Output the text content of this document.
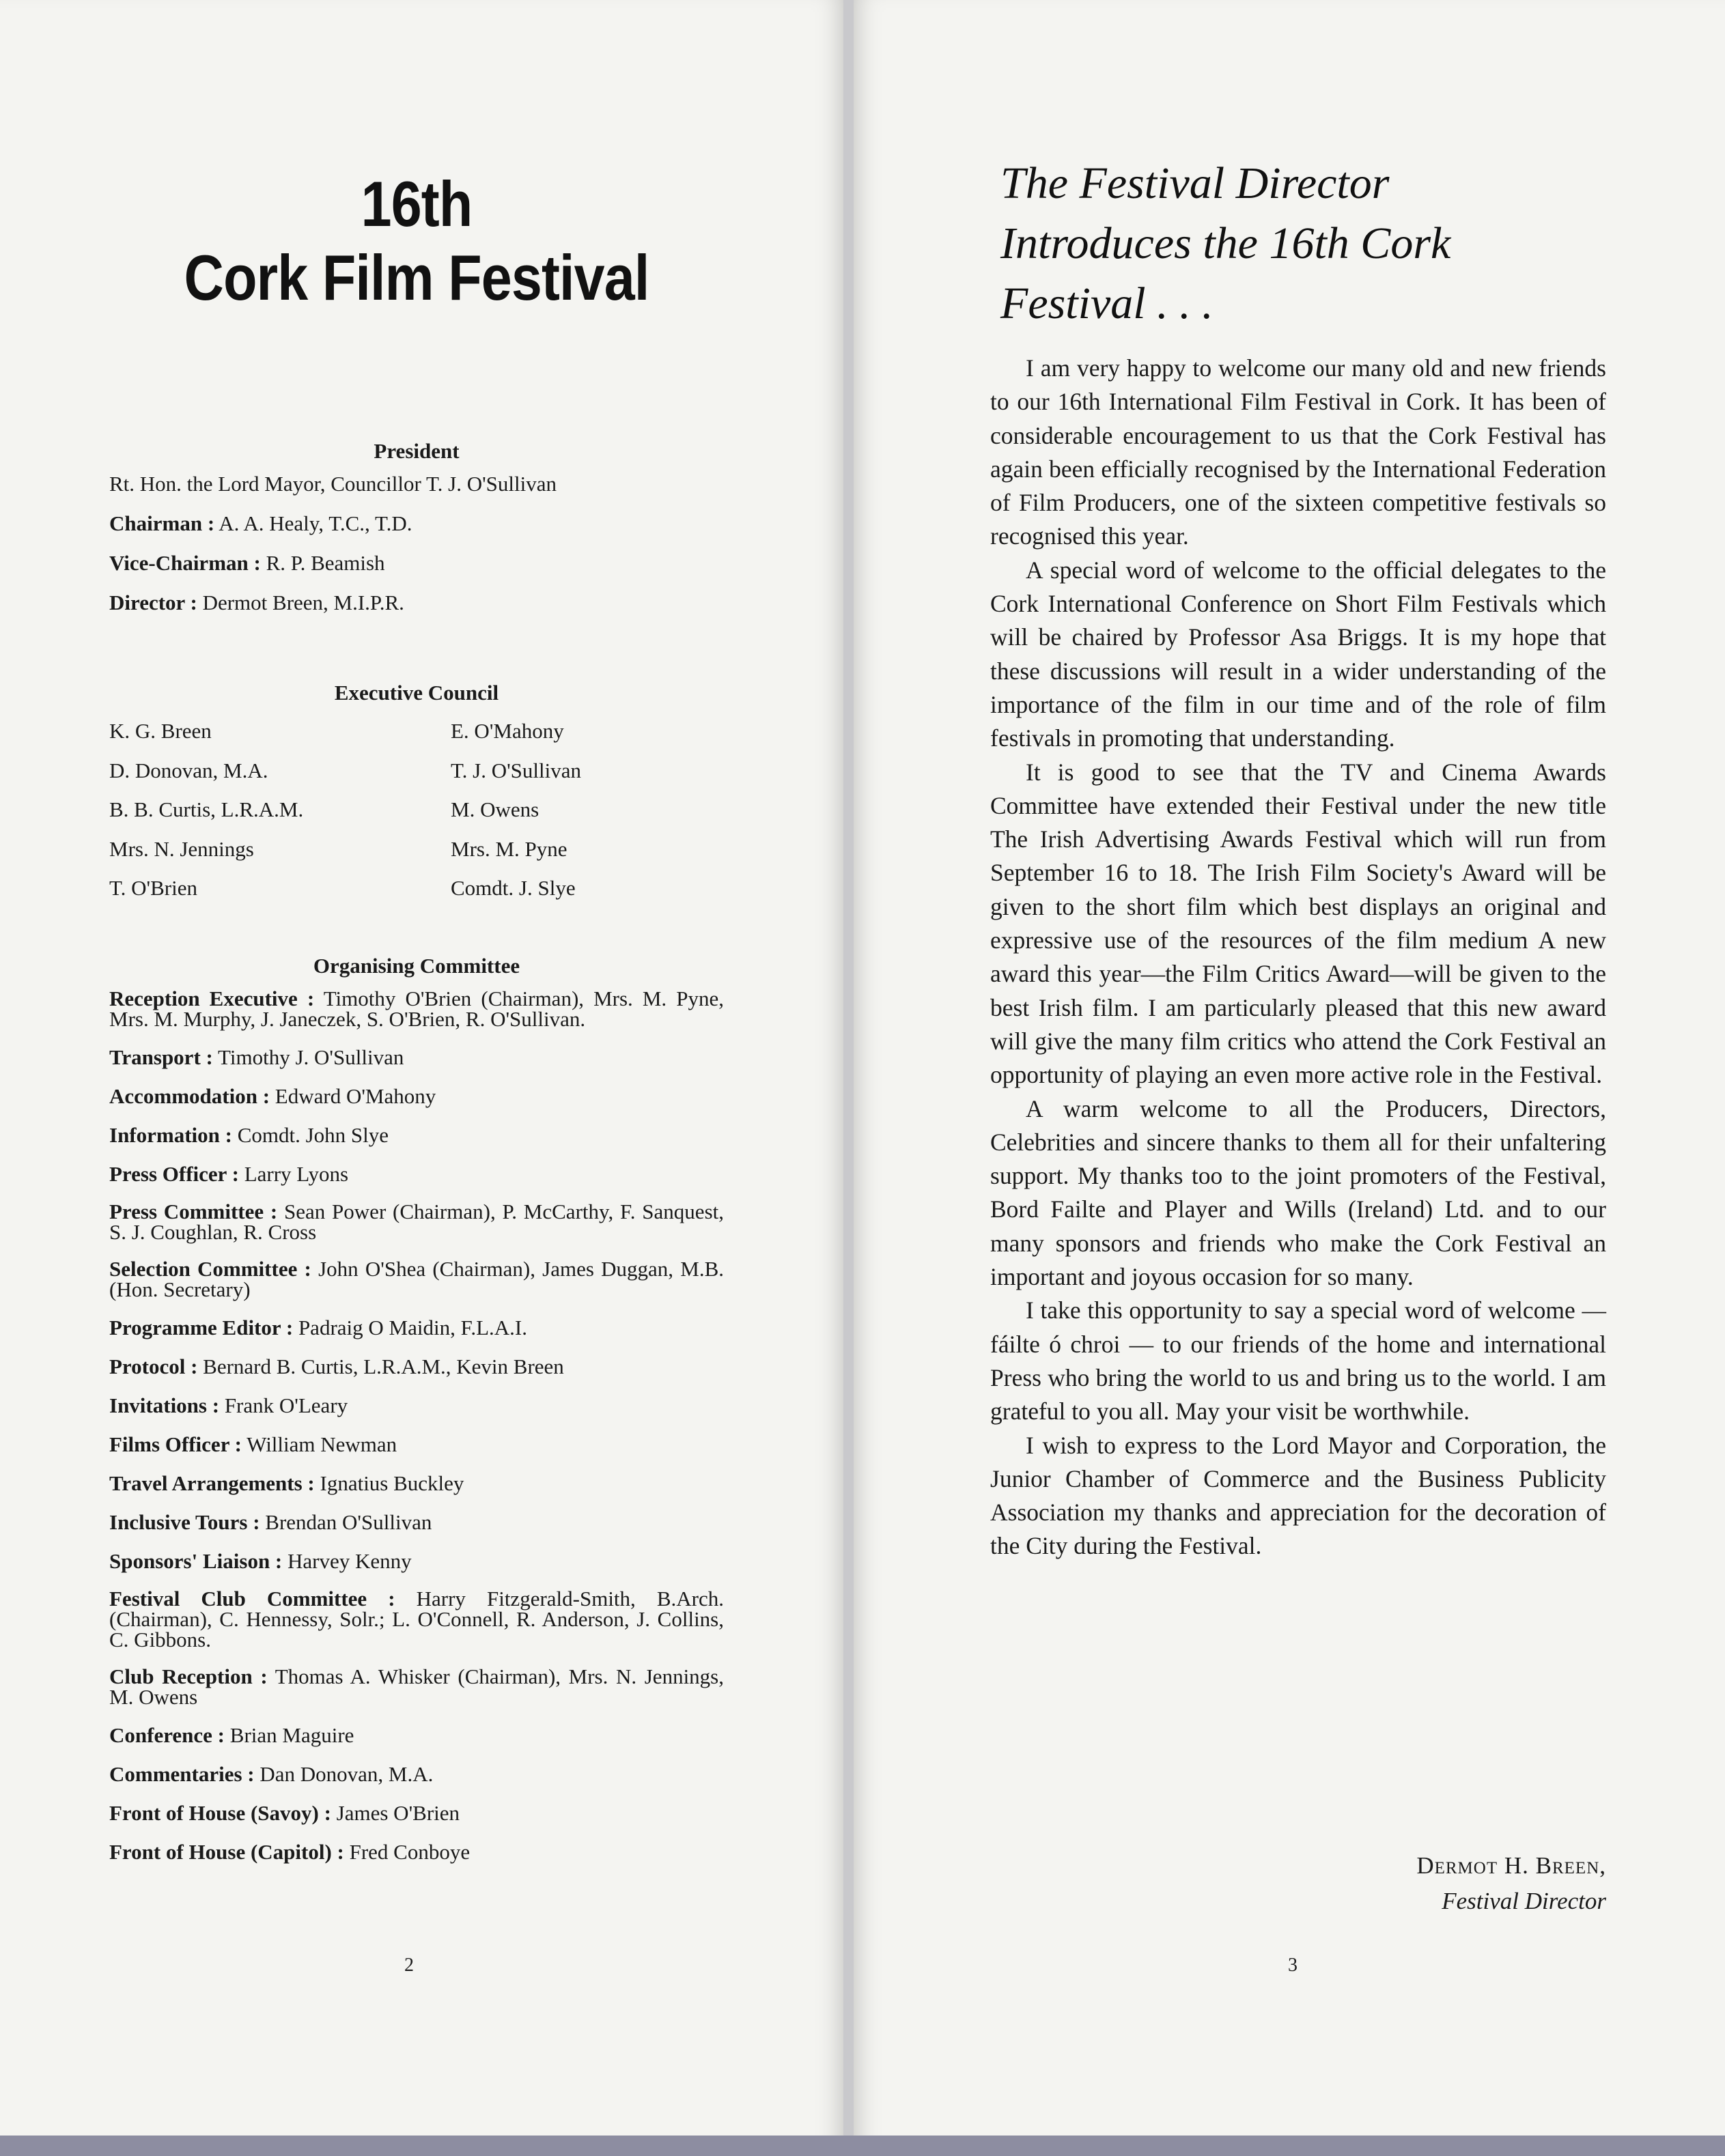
16th
Cork Film Festival
President
Rt. Hon. the Lord Mayor, Councillor T. J. O'Sullivan
Chairman : A. A. Healy, T.C., T.D.
Vice-Chairman : R. P. Beamish
Director : Dermot Breen, M.I.P.R.
Executive Council
K. G. Breen	E. O'Mahony
D. Donovan, M.A.	T. J. O'Sullivan
B. B. Curtis, L.R.A.M.	M. Owens
Mrs. N. Jennings	Mrs. M. Pyne
T. O'Brien	Comdt. J. Slye
Organising Committee
Reception Executive : Timothy O'Brien (Chairman), Mrs. M. Pyne, Mrs. M. Murphy, J. Janeczek, S. O'Brien, R. O'Sullivan.
Transport : Timothy J. O'Sullivan
Accommodation : Edward O'Mahony
Information : Comdt. John Slye
Press Officer : Larry Lyons
Press Committee : Sean Power (Chairman), P. McCarthy, F. Sanquest, S. J. Coughlan, R. Cross
Selection Committee : John O'Shea (Chairman), James Duggan, M.B. (Hon. Secretary)
Programme Editor : Padraig O Maidin, F.L.A.I.
Protocol : Bernard B. Curtis, L.R.A.M., Kevin Breen
Invitations : Frank O'Leary
Films Officer : William Newman
Travel Arrangements : Ignatius Buckley
Inclusive Tours : Brendan O'Sullivan
Sponsors' Liaison : Harvey Kenny
Festival Club Committee : Harry Fitzgerald-Smith, B.Arch. (Chairman), C. Hennessy, Solr.; L. O'Connell, R. Anderson, J. Collins, C. Gibbons.
Club Reception : Thomas A. Whisker (Chairman), Mrs. N. Jennings, M. Owens
Conference : Brian Maguire
Commentaries : Dan Donovan, M.A.
Front of House (Savoy) : James O'Brien
Front of House (Capitol) : Fred Conboye
2
The Festival Director
Introduces the 16th Cork
Festival . . .

I am very happy to welcome our many old and new friends to our 16th International Film Festival in Cork. It has been of considerable encouragement to us that the Cork Festival has again been efficially recognised by the International Federation of Film Producers, one of the sixteen competitive festivals so recognised this year.

A special word of welcome to the official delegates to the Cork International Conference on Short Film Festivals which will be chaired by Professor Asa Briggs. It is my hope that these discussions will result in a wider understanding of the importance of the film in our time and of the role of film festivals in promoting that understanding.

It is good to see that the TV and Cinema Awards Committee have extended their Festival under the new title The Irish Advertising Awards Festival which will run from September 16 to 18. The Irish Film Society's Award will be given to the short film which best displays an original and expressive use of the resources of the film medium A new award this year—the Film Critics Award—will be given to the best Irish film. I am particularly pleased that this new award will give the many film critics who attend the Cork Festival an opportunity of playing an even more active role in the Festival.

A warm welcome to all the Producers, Directors, Celebrities and sincere thanks to them all for their unfaltering support. My thanks too to the joint promoters of the Festival, Bord Failte and Player and Wills (Ireland) Ltd. and to our many sponsors and friends who make the Cork Festival an important and joyous occasion for so many.

I take this opportunity to say a special word of welcome — fáilte ó chroi — to our friends of the home and international Press who bring the world to us and bring us to the world. I am grateful to you all. May your visit be worthwhile.

I wish to express to the Lord Mayor and Corporation, the Junior Chamber of Commerce and the Business Publicity Association my thanks and appreciation for the decoration of the City during the Festival.

Dermot H. Breen,
Festival Director
3
